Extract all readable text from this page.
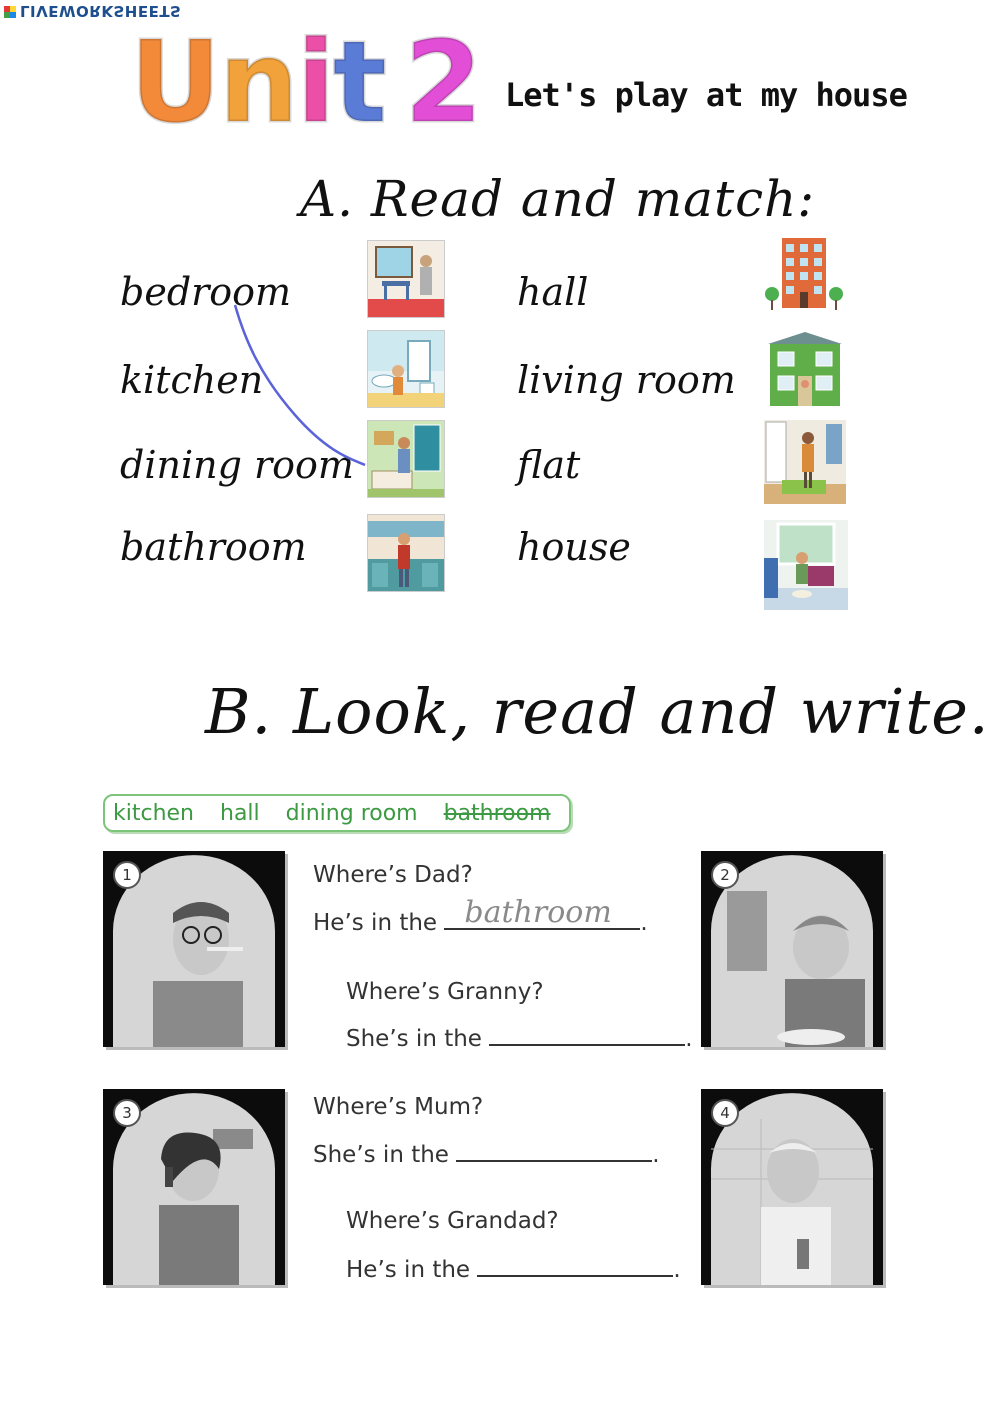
LIVEWORKSHEETS
U n i t 2 Let's play at my house
A. Read and match:
bedroom
kitchen
dining room
bathroom
hall
living room
flat
house
B. Look, read and write.
kitchen hall dining room bathroom
1	2
3	4
Where’s Dad?
He’s in the bathroom .
Where’s Granny?
She’s in the	.
Where’s Mum?
She’s in the	.
Where’s Grandad?
He’s in the	.
